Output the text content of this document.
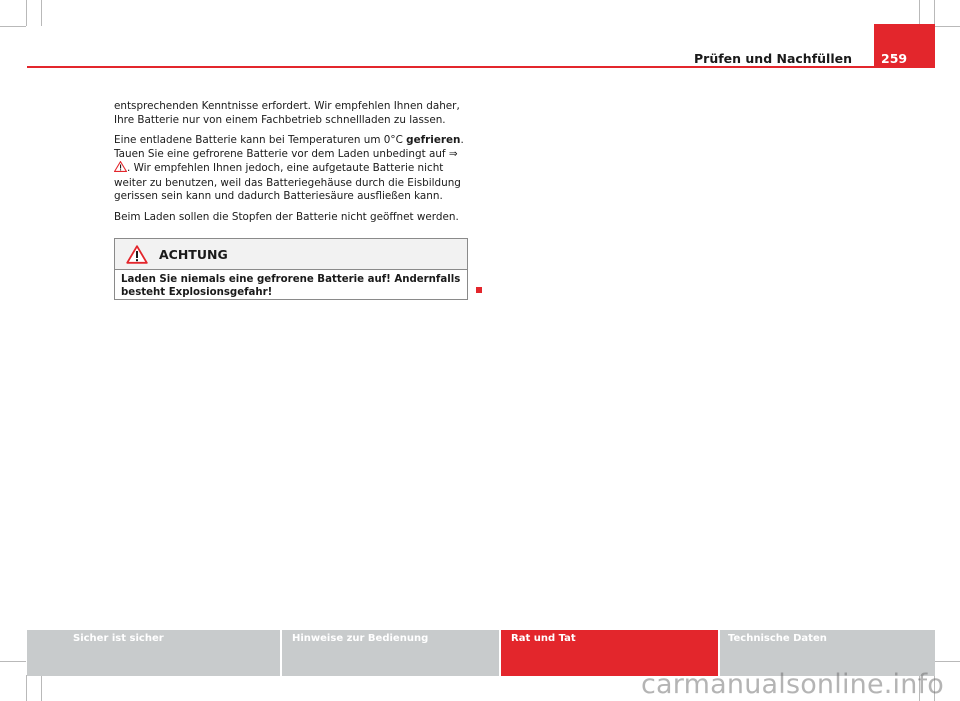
Prüfen und Nachfüllen 259

entsprechenden Kenntnisse erfordert. Wir empfehlen Ihnen daher, Ihre Batterie nur von einem Fachbetrieb schnellladen zu lassen.

Eine entladene Batterie kann bei Temperaturen um 0°C gefrieren. Tauen Sie eine gefrorene Batterie vor dem Laden unbedingt auf ⇒ . Wir empfehlen Ihnen jedoch, eine aufgetaute Batterie nicht weiter zu benutzen, weil das Batteriegehäuse durch die Eisbildung gerissen sein kann und dadurch Batteriesäure ausfließen kann.

Beim Laden sollen die Stopfen der Batterie nicht geöffnet werden.

ACHTUNG
Laden Sie niemals eine gefrorene Batterie auf! Andernfalls besteht Explosionsgefahr!
Sicher ist sicher	Hinweise zur Bedienung	Rat und Tat	Technische Daten
carmanualsonline.info
